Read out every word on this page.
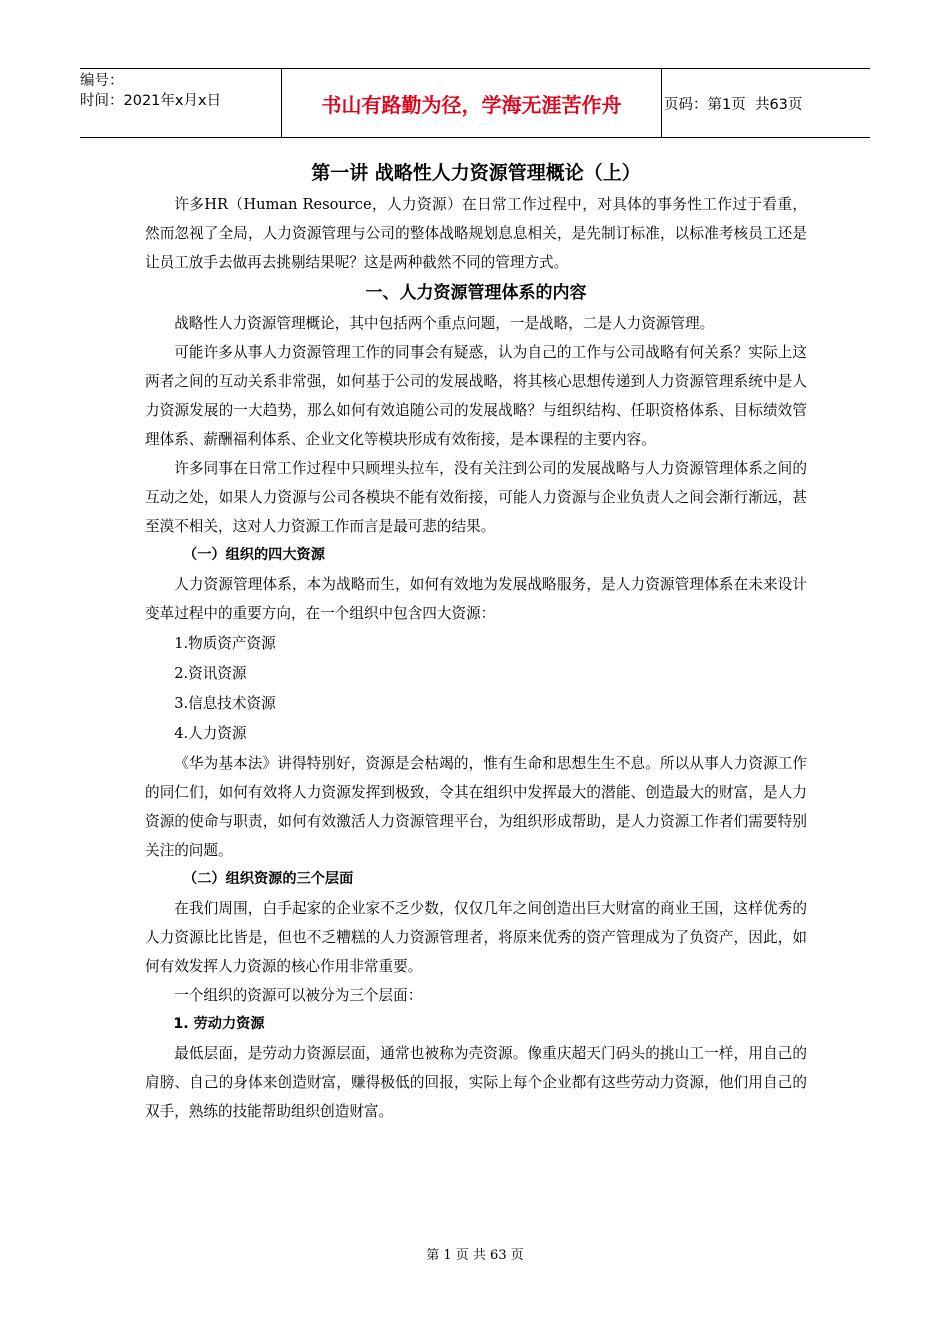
编号：
时间：2021年x月x日	书山有路勤为径，学海无涯苦作舟	页码：第1页  共63页
第一讲 战略性人力资源管理概论（上）

许多HR（Human Resource，人力资源）在日常工作过程中，对具体的事务性工作过于看重，然而忽视了全局，人力资源管理与公司的整体战略规划息息相关，是先制订标准，以标准考核员工还是让员工放手去做再去挑剔结果呢？这是两种截然不同的管理方式。

一、人力资源管理体系的内容

战略性人力资源管理概论，其中包括两个重点问题，一是战略，二是人力资源管理。

可能许多从事人力资源管理工作的同事会有疑惑，认为自己的工作与公司战略有何关系？实际上这两者之间的互动关系非常强，如何基于公司的发展战略，将其核心思想传递到人力资源管理系统中是人力资源发展的一大趋势，那么如何有效追随公司的发展战略？与组织结构、任职资格体系、目标绩效管理体系、薪酬福利体系、企业文化等模块形成有效衔接，是本课程的主要内容。

许多同事在日常工作过程中只顾埋头拉车，没有关注到公司的发展战略与人力资源管理体系之间的互动之处，如果人力资源与公司各模块不能有效衔接，可能人力资源与企业负责人之间会渐行渐远，甚至漠不相关，这对人力资源工作而言是最可悲的结果。

（一）组织的四大资源

人力资源管理体系，本为战略而生，如何有效地为发展战略服务，是人力资源管理体系在未来设计变革过程中的重要方向，在一个组织中包含四大资源：

1.物质资产资源

2.资讯资源

3.信息技术资源

4.人力资源

《华为基本法》讲得特别好，资源是会枯竭的，惟有生命和思想生生不息。所以从事人力资源工作的同仁们，如何有效将人力资源发挥到极致，令其在组织中发挥最大的潜能、创造最大的财富，是人力资源的使命与职责，如何有效激活人力资源管理平台，为组织形成帮助，是人力资源工作者们需要特别关注的问题。

（二）组织资源的三个层面

在我们周围，白手起家的企业家不乏少数，仅仅几年之间创造出巨大财富的商业王国，这样优秀的人力资源比比皆是，但也不乏糟糕的人力资源管理者，将原来优秀的资产管理成为了负资产，因此，如何有效发挥人力资源的核心作用非常重要。

一个组织的资源可以被分为三个层面：

1. 劳动力资源

最低层面，是劳动力资源层面，通常也被称为壳资源。像重庆超天门码头的挑山工一样，用自己的肩膀、自己的身体来创造财富，赚得极低的回报，实际上每个企业都有这些劳动力资源，他们用自己的双手，熟练的技能帮助组织创造财富。

第 1 页 共 63 页
